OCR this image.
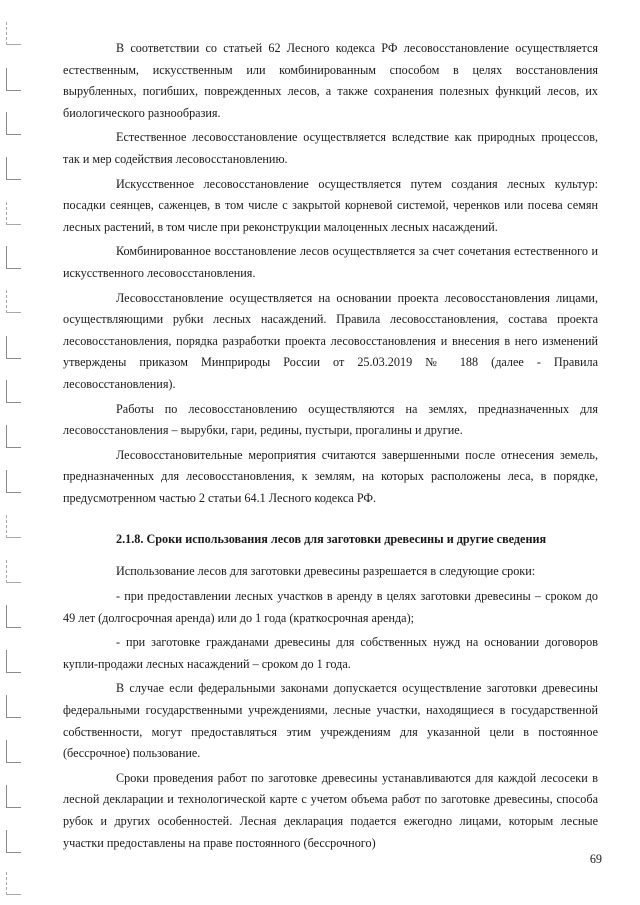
В соответствии со статьей 62 Лесного кодекса РФ лесовосстановление осуществляется естественным, искусственным или комбинированным способом в целях восстановления вырубленных, погибших, поврежденных лесов, а также сохранения полезных функций лесов, их биологического разнообразия.

Естественное лесовосстановление осуществляется вследствие как природных процессов, так и мер содействия лесовосстановлению.

Искусственное лесовосстановление осуществляется путем создания лесных культур: посадки сеянцев, саженцев, в том числе с закрытой корневой системой, черенков или посева семян лесных растений, в том числе при реконструкции малоценных лесных насаждений.

Комбинированное восстановление лесов осуществляется за счет сочетания естественного и искусственного лесовосстановления.

Лесовосстановление осуществляется на основании проекта лесовосстановления лицами, осуществляющими рубки лесных насаждений. Правила лесовосстановления, состава проекта лесовосстановления, порядка разработки проекта лесовосстановления и внесения в него изменений утверждены приказом Минприроды России от 25.03.2019 № 188 (далее - Правила лесовосстановления).

Работы по лесовосстановлению осуществляются на землях, предназначенных для лесовосстановления – вырубки, гари, редины, пустыри, прогалины и другие.

Лесовосстановительные мероприятия считаются завершенными после отнесения земель, предназначенных для лесовосстановления, к землям, на которых расположены леса, в порядке, предусмотренном частью 2 статьи 64.1 Лесного кодекса РФ.

2.1.8. Сроки использования лесов для заготовки древесины и другие сведения

Использование лесов для заготовки древесины разрешается в следующие сроки:

- при предоставлении лесных участков в аренду в целях заготовки древесины – сроком до 49 лет (долгосрочная аренда) или до 1 года (краткосрочная аренда);

- при заготовке гражданами древесины для собственных нужд на основании договоров купли-продажи лесных насаждений – сроком до 1 года.

В случае если федеральными законами допускается осуществление заготовки древесины федеральными государственными учреждениями, лесные участки, находящиеся в государственной собственности, могут предоставляться этим учреждениям для указанной цели в постоянное (бессрочное) пользование.

Сроки проведения работ по заготовке древесины устанавливаются для каждой лесосеки в лесной декларации и технологической карте с учетом объема работ по заготовке древесины, способа рубок и других особенностей. Лесная декларация подается ежегодно лицами, которым лесные участки предоставлены на праве постоянного (бессрочного)

69
